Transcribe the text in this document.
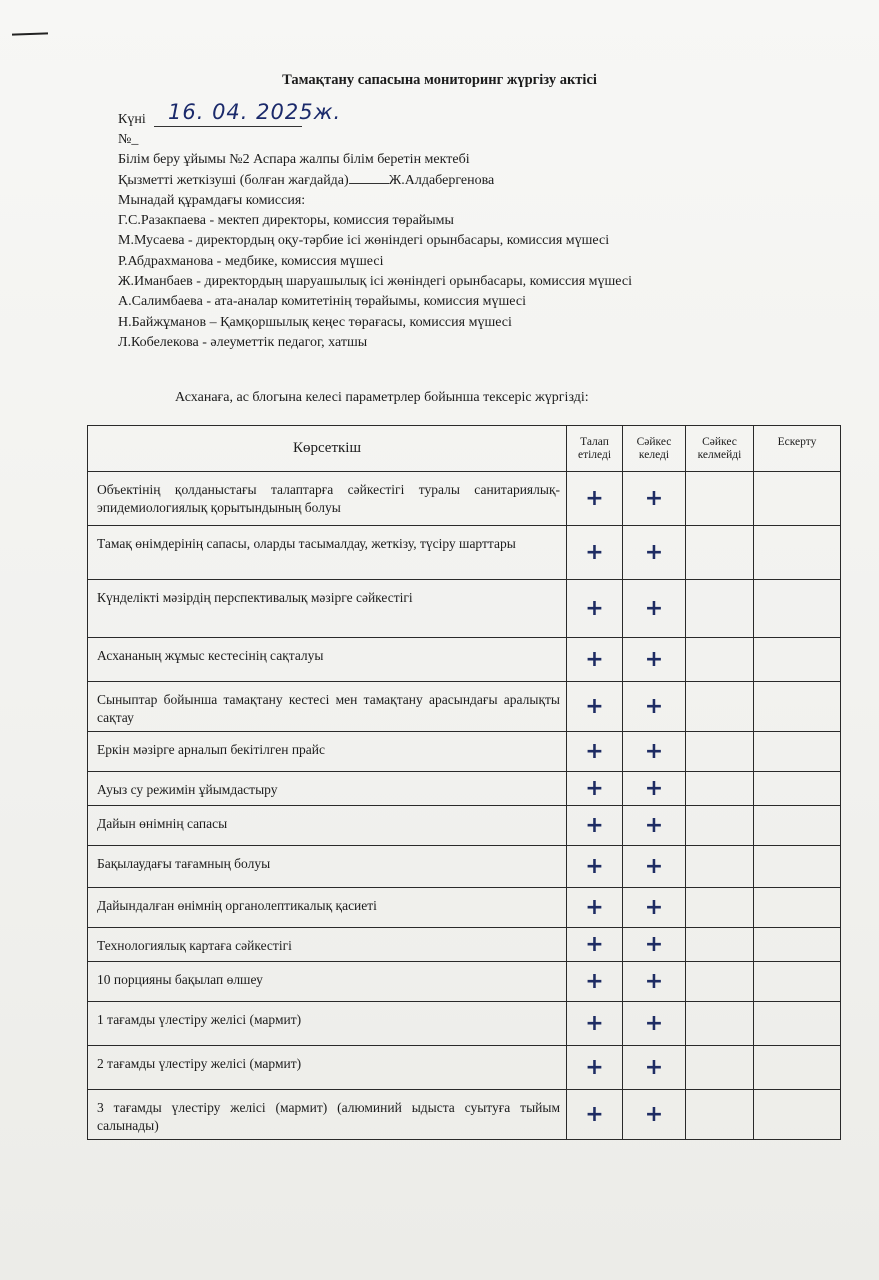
Тамақтану сапасына мониторинг жүргізу актісі
Күні 16. 04. 2025ж.
№_
Білім беру ұйымы №2 Аспара жалпы білім беретін мектебі
Қызметті жеткізуші (болған жағдайда)	Ж.Алдабергенова
Мынадай құрамдағы комиссия:
Г.С.Разакпаева - мектеп директоры, комиссия төрайымы
М.Мусаева - директордың оқу-тәрбие ісі жөніндегі орынбасары, комиссия мүшесі
Р.Абдрахманова - медбике, комиссия мүшесі
Ж.Иманбаев - директордың шаруашылық ісі жөніндегі орынбасары, комиссия мүшесі
А.Салимбаева - ата-аналар комитетінің төрайымы, комиссия мүшесі
Н.Байжұманов – Қамқоршылық кеңес төрағасы, комиссия мүшесі
Л.Кобелекова - әлеуметтік педагог, хатшы
Асханаға, ас блогына келесі параметрлер бойынша тексеріс жүргізді:
Көрсеткіш	Талап етіледі	Сәйкес келеді	Сәйкес келмейді	Ескерту
Объектінің қолданыстағы талаптарға сәйкестігі туралы санитариялық-эпидемиологиялық қорытындының болуы	+	+		
Тамақ өнімдерінің сапасы, оларды тасымалдау, жеткізу, түсіру шарттары	+	+		
Күнделікті мәзірдің перспективалық мәзірге сәйкестігі	+	+		
Асхананың жұмыс кестесінің сақталуы	+	+		
Сыныптар бойынша тамақтану кестесі мен тамақтану арасындағы аралықты сақтау	+	+		
Еркін мәзірге арналып бекітілген прайс	+	+		
Ауыз су режимін ұйымдастыру	+	+		
Дайын өнімнің сапасы	+	+		
Бақылаудағы тағамның болуы	+	+		
Дайындалған өнімнің органолептикалық қасиеті	+	+		
Технологиялық картаға сәйкестігі	+	+		
10 порцияны бақылап өлшеу	+	+		
1 тағамды үлестіру желісі (мармит)	+	+		
2 тағамды үлестіру желісі (мармит)	+	+		
3 тағамды үлестіру желісі (мармит) (алюминий ыдыста суытуға тыйым салынады)	+	+		
